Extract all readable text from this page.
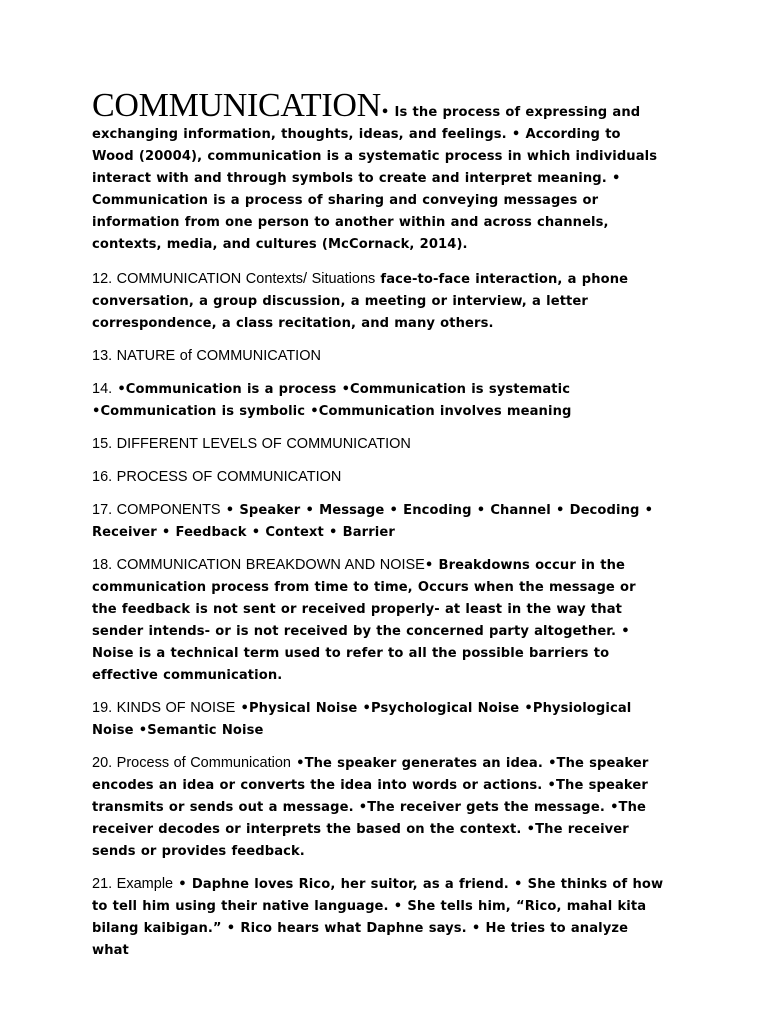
COMMUNICATION• Is the process of expressing and exchanging information, thoughts, ideas, and feelings. • According to Wood (20004), communication is a systematic process in which individuals interact with and through symbols to create and interpret meaning. • Communication is a process of sharing and conveying messages or information from one person to another within and across channels, contexts, media, and cultures (McCornack, 2014).

12. COMMUNICATION Contexts/ Situations face-to-face interaction, a phone conversation, a group discussion, a meeting or interview, a letter correspondence, a class recitation, and many others.

13. NATURE of COMMUNICATION

14. •Communication is a process •Communication is systematic •Communication is symbolic •Communication involves meaning

15. DIFFERENT LEVELS OF COMMUNICATION

16. PROCESS OF COMMUNICATION

17. COMPONENTS • Speaker • Message • Encoding • Channel • Decoding • Receiver • Feedback • Context • Barrier

18. COMMUNICATION BREAKDOWN AND NOISE• Breakdowns occur in the communication process from time to time, Occurs when the message or the feedback is not sent or received properly- at least in the way that sender intends- or is not received by the concerned party altogether. • Noise is a technical term used to refer to all the possible barriers to effective communication.

19. KINDS OF NOISE •Physical Noise •Psychological Noise •Physiological Noise •Semantic Noise

20. Process of Communication •The speaker generates an idea. •The speaker encodes an idea or converts the idea into words or actions. •The speaker transmits or sends out a message. •The receiver gets the message. •The receiver decodes or interprets the based on the context. •The receiver sends or provides feedback.

21. Example • Daphne loves Rico, her suitor, as a friend. • She thinks of how to tell him using their native language. • She tells him, “Rico, mahal kita bilang kaibigan.” • Rico hears what Daphne says. • He tries to analyze what
